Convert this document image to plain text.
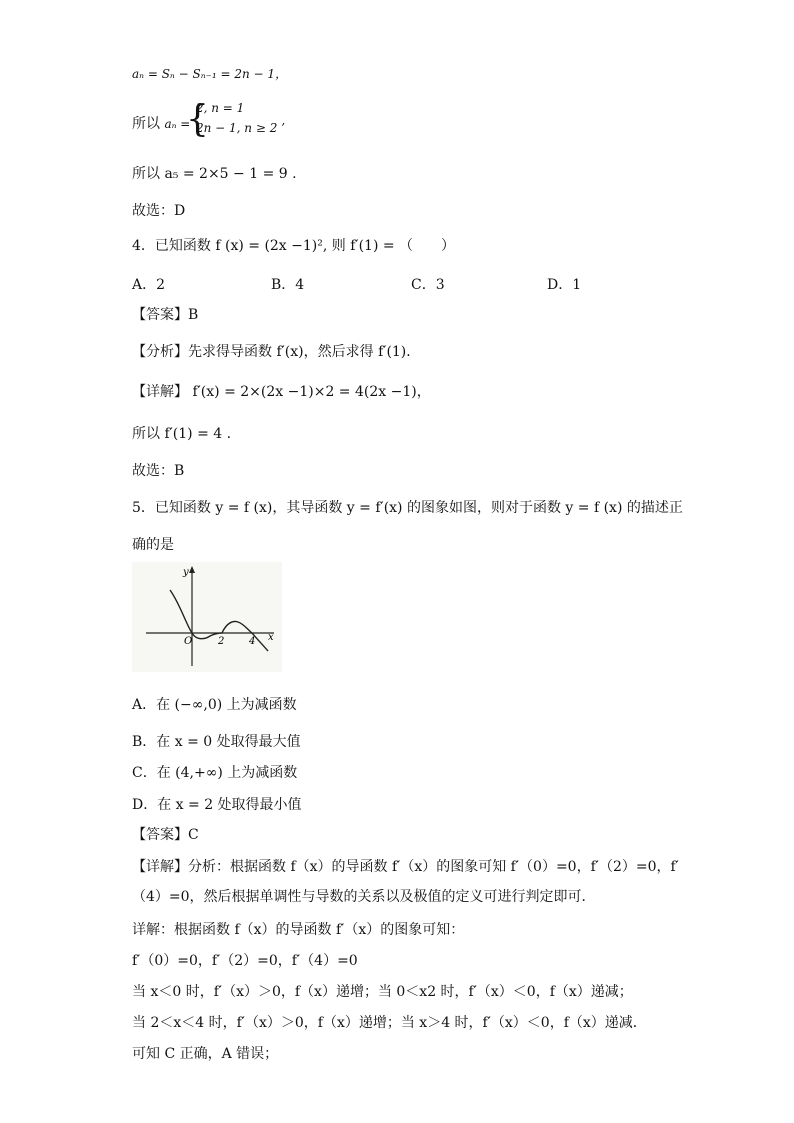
aₙ = Sₙ − Sₙ₋₁ = 2n − 1，
所以 aₙ =
{
2, n = 1
2n − 1, n ≥ 2 ’
所以 a₅ = 2×5 − 1 = 9 .
故选：D
4．已知函数 f (x) = (2x −1)², 则 f′(1) = （　　）
A．2	B．4	C．3	D．1
【答案】B
【分析】先求得导函数 f′(x)，然后求得 f′(1)．
【详解】 f′(x) = 2×(2x −1)×2 = 4(2x −1)，
所以 f′(1) = 4 .
故选：B
5．已知函数 y = f (x)，其导函数 y = f′(x) 的图象如图，则对于函数 y = f (x) 的描述正
确的是
y
x
O	2 4
A．在 (−∞,0) 上为减函数
B．在 x = 0 处取得最大值
C．在 (4,+∞) 上为减函数
D．在 x = 2 处取得最小值
【答案】C
【详解】分析：根据函数 f（x）的导函数 f′（x）的图象可知 f′（0）=0，f′（2）=0，f′
（4）=0，然后根据单调性与导数的关系以及极值的定义可进行判定即可．
详解：根据函数 f（x）的导函数 f′（x）的图象可知：
f′（0）=0，f′（2）=0，f′（4）=0
当 x＜0 时，f′（x）＞0，f（x）递增；当 0＜x2 时，f′（x）＜0，f（x）递减；
当 2＜x＜4 时，f′（x）＞0，f（x）递增；当 x＞4 时，f′（x）＜0，f（x）递减．
可知 C 正确，A 错误；
